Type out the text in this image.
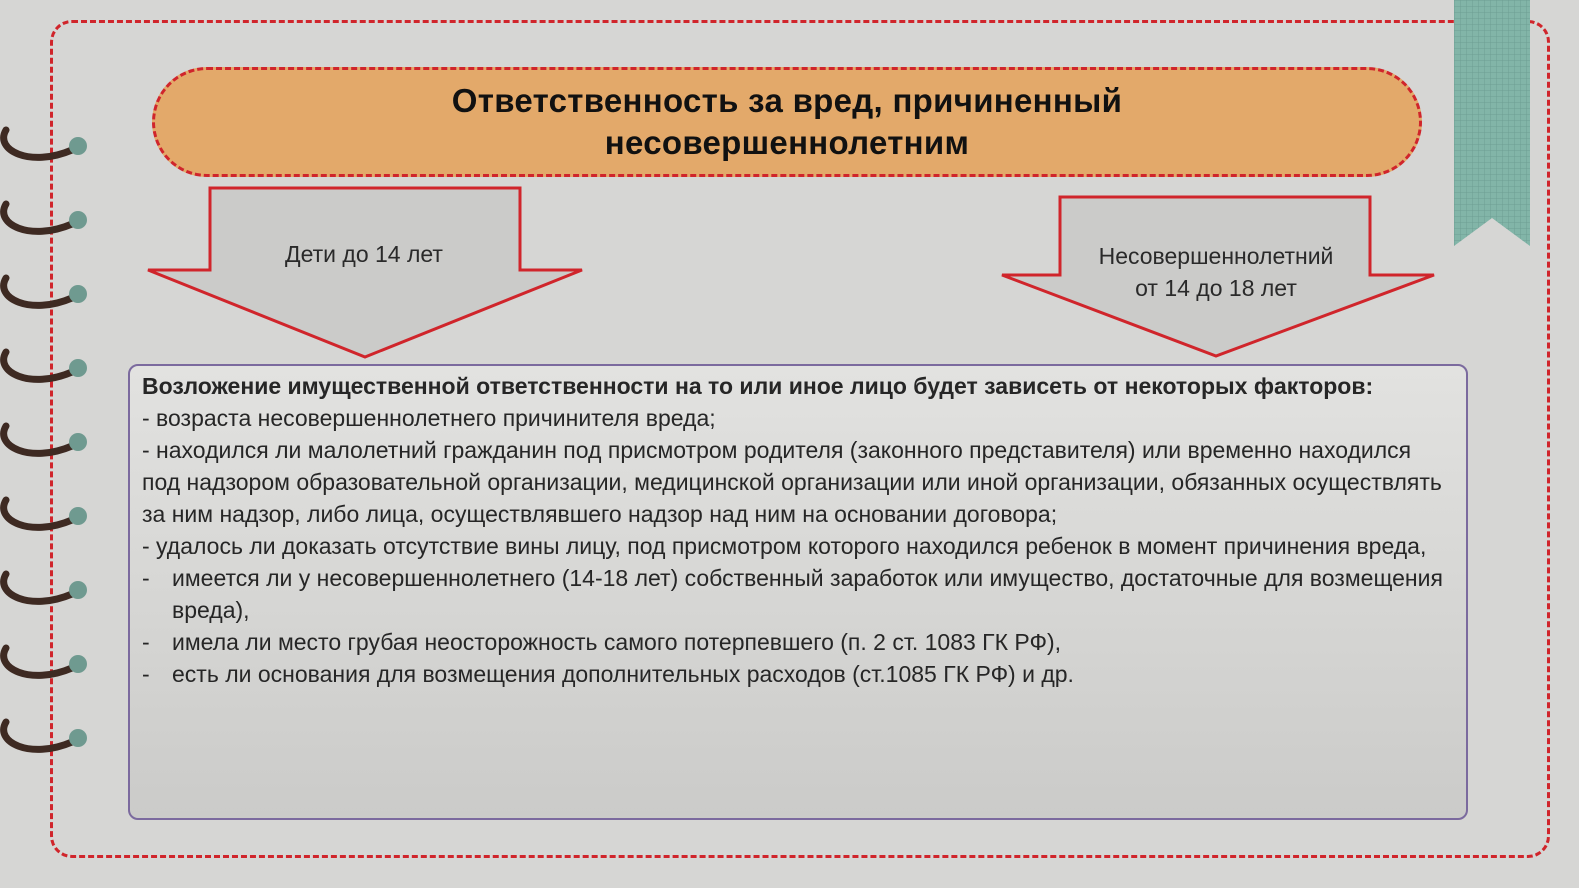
Ответственность за вред, причиненный несовершеннолетним
Дети до 14 лет	Несовершеннолетний
от 14 до 18 лет

Возложение имущественной ответственности на то или иное лицо будет зависеть от некоторых факторов:

- возраста несовершеннолетнего причинителя вреда;

- находился ли малолетний гражданин под присмотром родителя (законного представителя) или временно находился под надзором образовательной организации, медицинской организации или иной организации, обязанных осуществлять за ним надзор, либо лица, осуществлявшего надзор над ним на основании договора;

- удалось ли доказать отсутствие вины лицу, под присмотром которого находился ребенок в момент причинения вреда,

- имеется ли у несовершеннолетнего (14-18 лет) собственный заработок или имущество, достаточные для возмещения вреда),
- имела ли место грубая неосторожность самого потерпевшего (п. 2 ст. 1083 ГК РФ),
- есть ли основания для возмещения дополнительных расходов (ст.1085 ГК РФ) и др.
